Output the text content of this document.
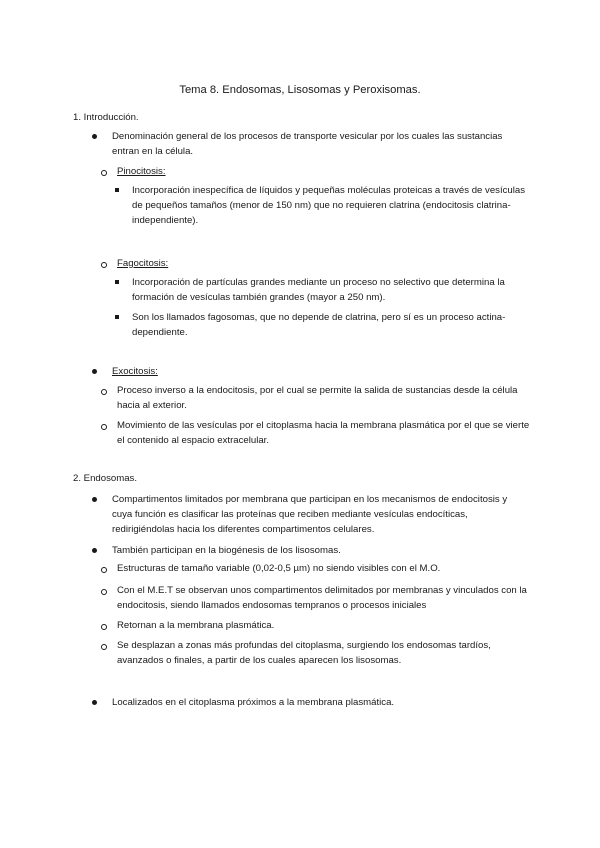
Tema 8. Endosomas, Lisosomas y Peroxisomas.
1. Introducción.
Denominación general de los procesos de transporte vesicular por los cuales las sustancias
entran en la célula.
Pinocitosis:
Incorporación inespecífica de líquidos y pequeñas moléculas proteicas a través de vesículas
de pequeños tamaños (menor de 150 nm) que no requieren clatrina (endocitosis clatrina-
independiente).
Fagocitosis:
Incorporación de partículas grandes mediante un proceso no selectivo que determina la
formación de vesículas también grandes (mayor a 250 nm).
Son los llamados fagosomas, que no depende de clatrina, pero sí es un proceso actina-
dependiente.
Exocitosis:
Proceso inverso a la endocitosis, por el cual se permite la salida de sustancias desde la célula
hacia al exterior.
Movimiento de las vesículas por el citoplasma hacia la membrana plasmática por el que se vierte
el contenido al espacio extracelular.
2. Endosomas.
Compartimentos limitados por membrana que participan en los mecanismos de endocitosis y
cuya función es clasificar las proteínas que reciben mediante vesículas endocíticas,
redirigiéndolas hacia los diferentes compartimentos celulares.
También participan en la biogénesis de los lisosomas.
Estructuras de tamaño variable (0,02-0,5 µm) no siendo visibles con el M.O.
Con el M.E.T se observan unos compartimentos delimitados por membranas y vinculados con la
endocitosis, siendo llamados endosomas tempranos o procesos iniciales
Retornan a la membrana plasmática.
Se desplazan a zonas más profundas del citoplasma, surgiendo los endosomas tardíos,
avanzados o finales, a partir de los cuales aparecen los lisosomas.
Localizados en el citoplasma próximos a la membrana plasmática.
